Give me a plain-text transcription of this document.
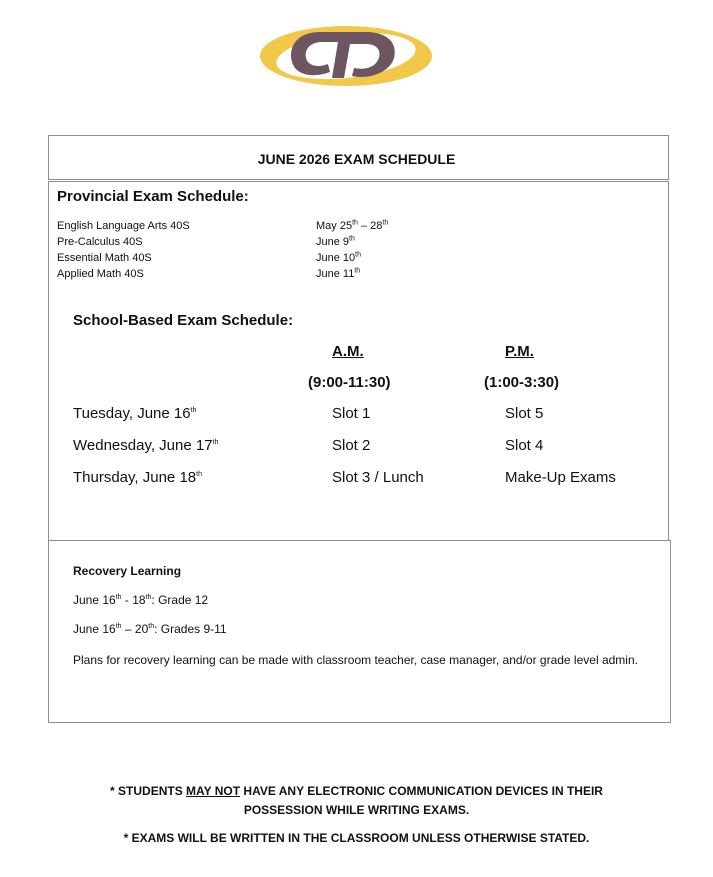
JUNE 2026 EXAM SCHEDULE
Provincial Exam Schedule:
English Language Arts 40S	May 25th – 28th
Pre-Calculus 40S	June 9th
Essential Math 40S	June 10th
Applied Math 40S	June 11th
School-Based Exam Schedule:
A.M.	P.M.
(9:00-11:30)	(1:00-3:30)
Tuesday, June 16th	Slot 1	Slot 5
Wednesday, June 17th	Slot 2	Slot 4
Thursday, June 18th	Slot 3 / Lunch	Make-Up Exams
Recovery Learning
June 16th - 18th: Grade 12
June 16th – 20th: Grades 9-11
Plans for recovery learning can be made with classroom teacher, case manager, and/or grade level admin.
* STUDENTS MAY NOT HAVE ANY ELECTRONIC COMMUNICATION DEVICES IN THEIR POSSESSION WHILE WRITING EXAMS.
* EXAMS WILL BE WRITTEN IN THE CLASSROOM UNLESS OTHERWISE STATED.
